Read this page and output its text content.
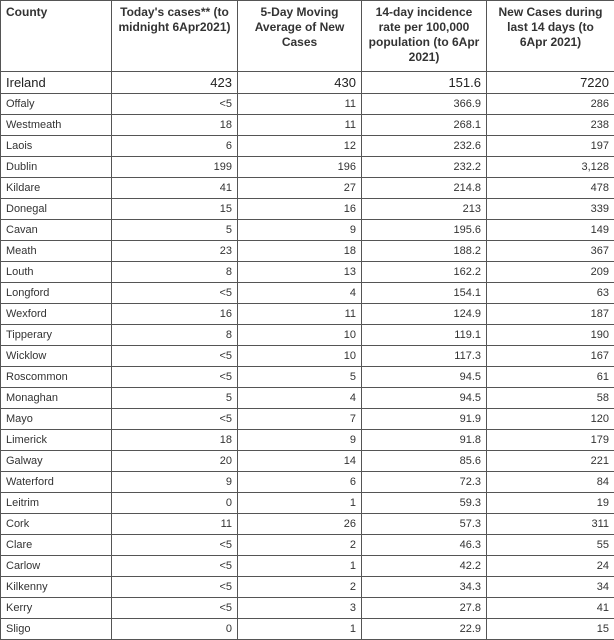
County	Today's cases** (to midnight 6Apr2021)	5-Day Moving Average of New Cases	14-day incidence rate per 100,000 population (to 6Apr 2021)	New Cases during last 14 days (to 6Apr 2021)
Ireland	423	430	151.6	7220
Offaly	<5	11	366.9	286
Westmeath	18	11	268.1	238
Laois	6	12	232.6	197
Dublin	199	196	232.2	3,128
Kildare	41	27	214.8	478
Donegal	15	16	213	339
Cavan	5	9	195.6	149
Meath	23	18	188.2	367
Louth	8	13	162.2	209
Longford	<5	4	154.1	63
Wexford	16	11	124.9	187
Tipperary	8	10	119.1	190
Wicklow	<5	10	117.3	167
Roscommon	<5	5	94.5	61
Monaghan	5	4	94.5	58
Mayo	<5	7	91.9	120
Limerick	18	9	91.8	179
Galway	20	14	85.6	221
Waterford	9	6	72.3	84
Leitrim	0	1	59.3	19
Cork	11	26	57.3	311
Clare	<5	2	46.3	55
Carlow	<5	1	42.2	24
Kilkenny	<5	2	34.3	34
Kerry	<5	3	27.8	41
Sligo	0	1	22.9	15
